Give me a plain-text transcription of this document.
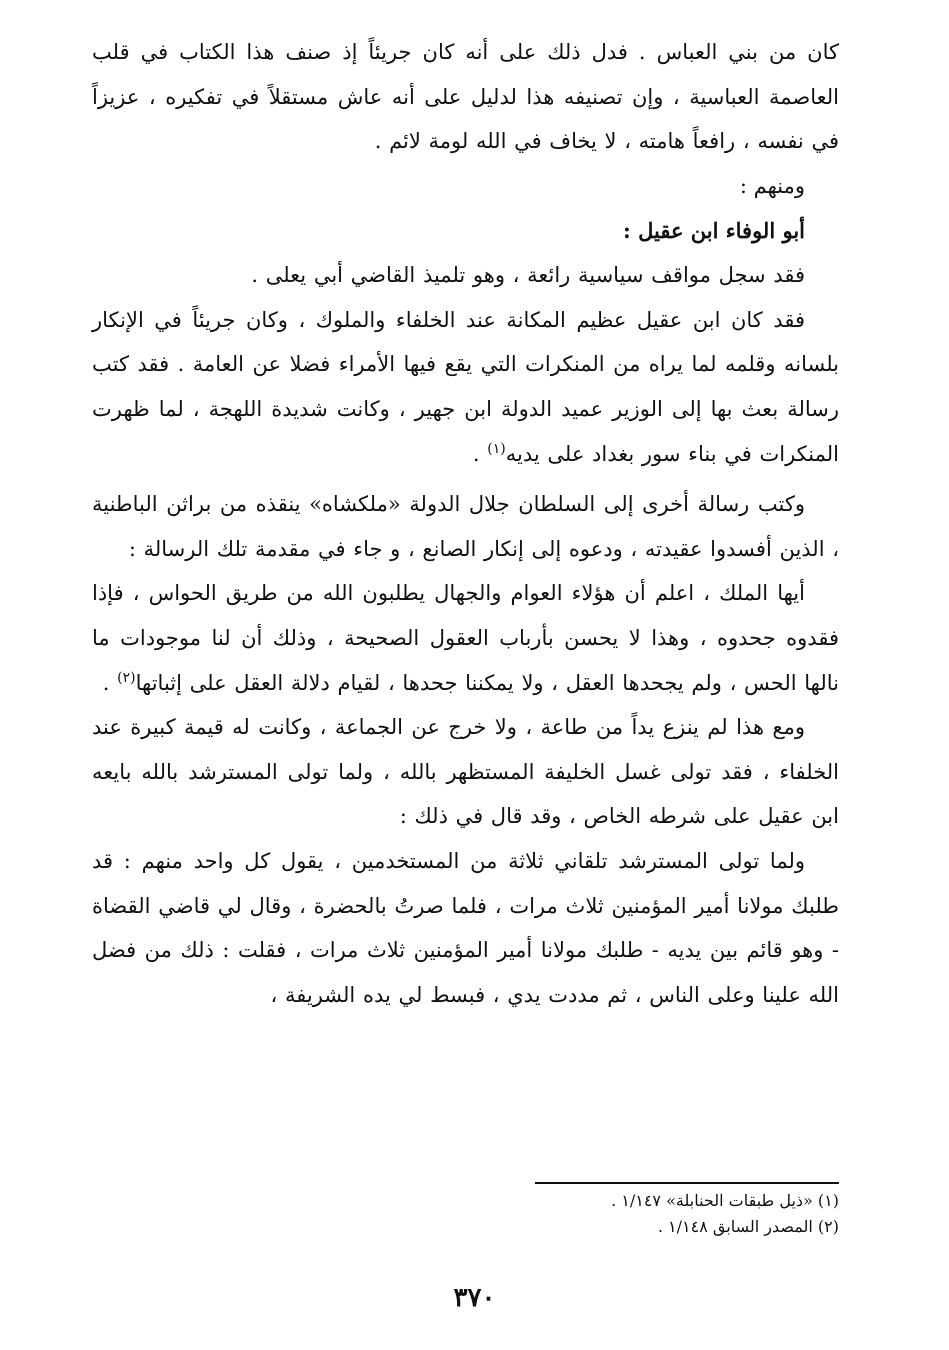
كان من بني العباس . فدل ذلك على أنه كان جريئاً إذ صنف هذا الكتاب في قلب العاصمة العباسية ، وإن تصنيفه هذا لدليل على أنه عاش مستقلاً في تفكيره ، عزيزاً في نفسه ، رافعاً هامته ، لا يخاف في الله لومة لائم .

ومنهم :

أبو الوفاء ابن عقيل :

فقد سجل مواقف سياسية رائعة ، وهو تلميذ القاضي أبي يعلى .

فقد كان ابن عقيل عظيم المكانة عند الخلفاء والملوك ، وكان جريئاً في الإنكار بلسانه وقلمه لما يراه من المنكرات التي يقع فيها الأمراء فضلا عن العامة . فقد كتب رسالة بعث بها إلى الوزير عميد الدولة ابن جهير ، وكانت شديدة اللهجة ، لما ظهرت المنكرات في بناء سور بغداد على يديه$^{(١)}$ .

وكتب رسالة أخرى إلى السلطان جلال الدولة «ملكشاه» ينقذه من براثن الباطنية ، الذين أفسدوا عقيدته ، ودعوه إلى إنكار الصانع ، و جاء في مقدمة تلك الرسالة :

أيها الملك ، اعلم أن هؤلاء العوام والجهال يطلبون الله من طريق الحواس ، فإذا فقدوه جحدوه ، وهذا لا يحسن بأرباب العقول الصحيحة ، وذلك أن لنا موجودات ما نالها الحس ، ولم يجحدها العقل ، ولا يمكننا جحدها ، لقيام دلالة العقل على إثباتها$^{(٢)}$ .

ومع هذا لم ينزع يداً من طاعة ، ولا خرج عن الجماعة ، وكانت له قيمة كبيرة عند الخلفاء ، فقد تولى غسل الخليفة المستظهر بالله ، ولما تولى المسترشد بالله بايعه ابن عقيل على شرطه الخاص ، وقد قال في ذلك :

ولما تولى المسترشد تلقاني ثلاثة من المستخدمين ، يقول كل واحد منهم : قد طلبك مولانا أمير المؤمنين ثلاث مرات ، فلما صرتُ بالحضرة ، وقال لي قاضي القضاة - وهو قائم بين يديه - طلبك مولانا أمير المؤمنين ثلاث مرات ، فقلت : ذلك من فضل الله علينا وعلى الناس ، ثم مددت يدي ، فبسط لي يده الشريفة ،

(١) «ذيل طبقات الحنابلة» ١/١٤٧ .

(٢) المصدر السابق ١/١٤٨ .

٣٧٠
